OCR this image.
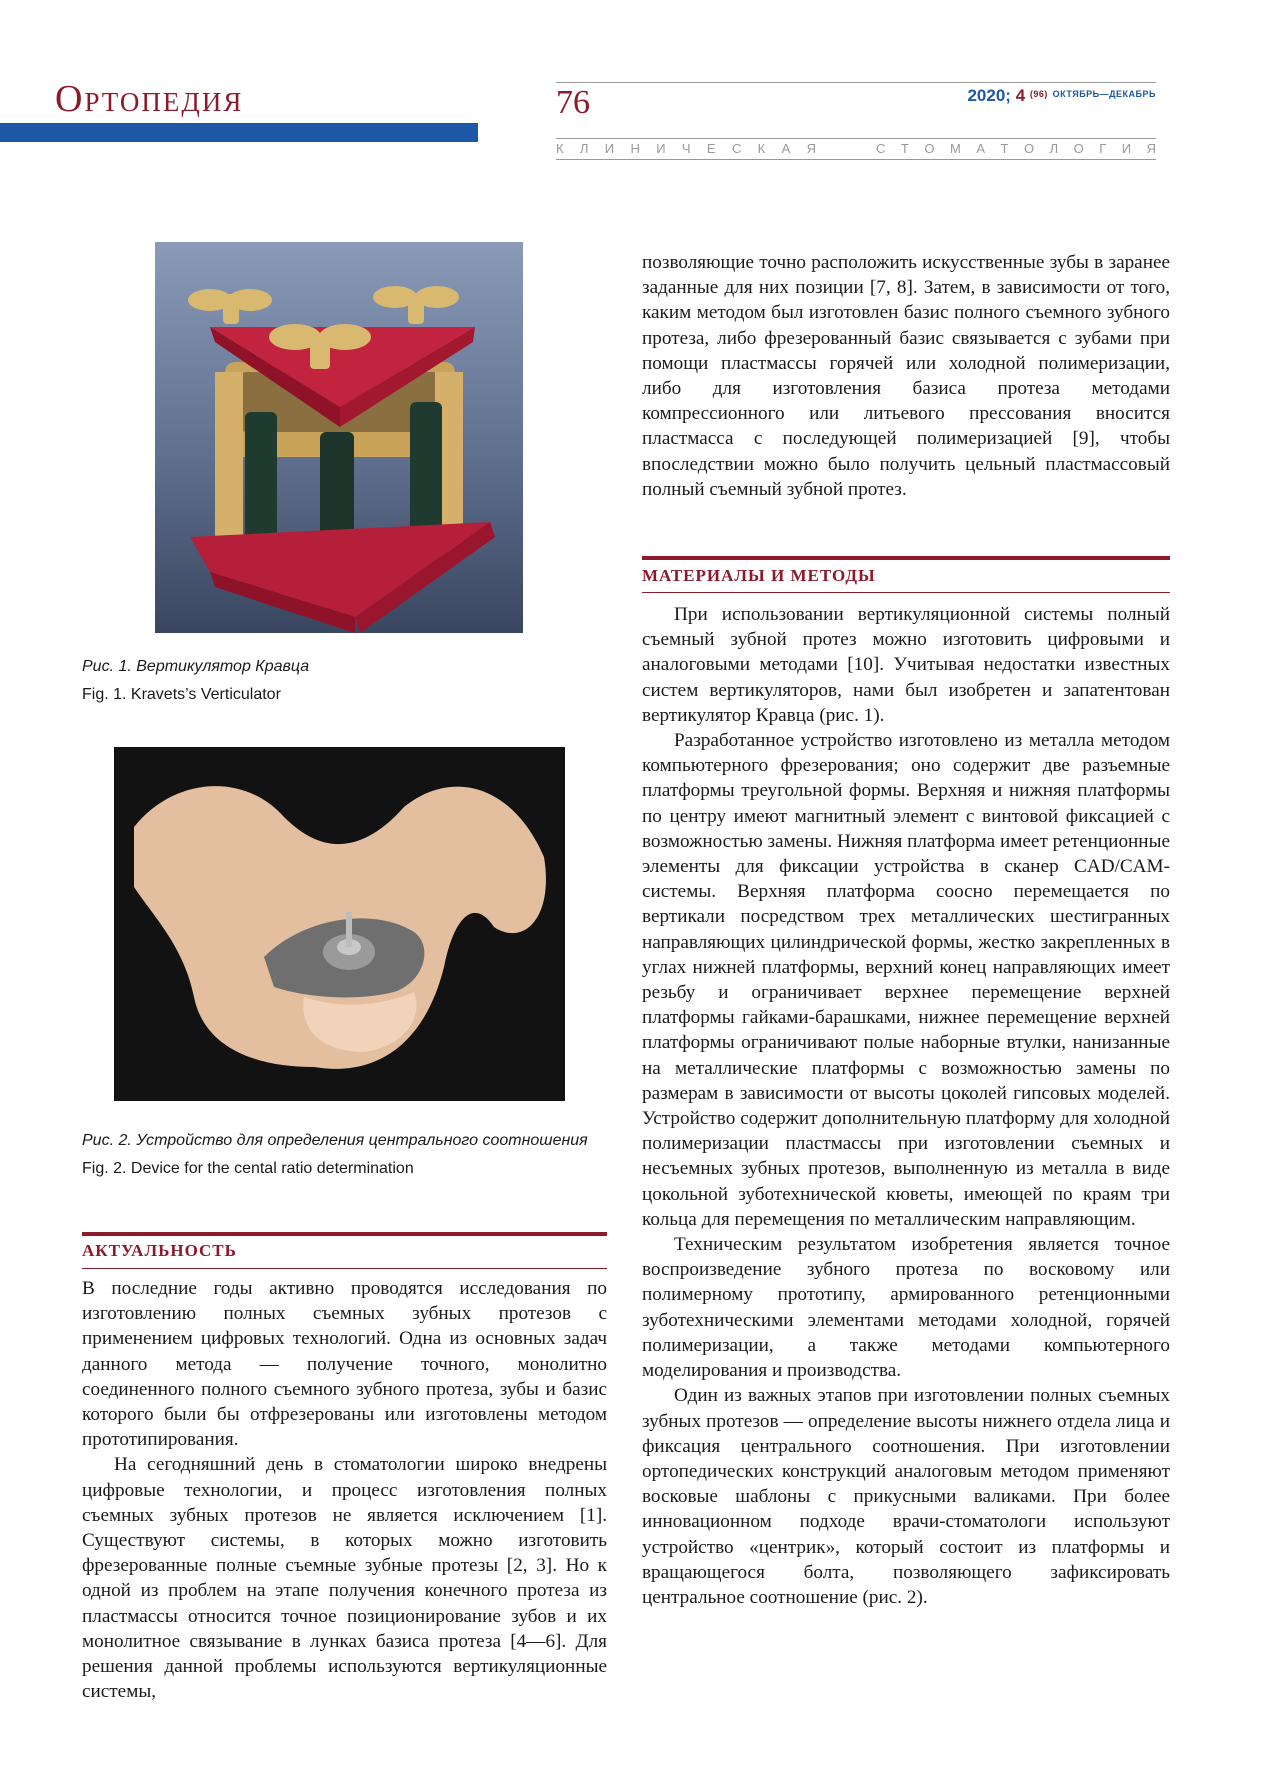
Ортопедия	76	2020; 4 $^{(96)}$ $^{ОКТЯБРЬ—ДЕКАБРЬ}$
К Л И Н И Ч Е С К А Я	С Т О М А Т О Л О Г И Я
Рис. 1. Вертикулятор Кравца
Fig. 1. Kravets’s Verticulator
Рис. 2. Устройство для определения центрального соотношения
Fig. 2. Device for the cental ratio determination
АКТУАЛЬНОСТЬ

В последние годы активно проводятся исследования по изготовлению полных съемных зубных протезов с применением цифровых технологий. Одна из основных задач данного метода — получение точного, монолитно соединенного полного съемного зубного протеза, зубы и базис которого были бы отфрезерованы или изготовлены методом прототипирования.

На сегодняшний день в стоматологии широко внедрены цифровые технологии, и процесс изготовления полных съемных зубных протезов не является исключением [1]. Существуют системы, в которых можно изготовить фрезерованные полные съемные зубные протезы [2, 3]. Но к одной из проблем на этапе получения конечного протеза из пластмассы относится точное позиционирование зубов и их монолитное связывание в лунках базиса протеза [4—6]. Для решения данной проблемы используются вертикуляционные системы,

позволяющие точно расположить искусственные зубы в заранее заданные для них позиции [7, 8]. Затем, в зависимости от того, каким методом был изготовлен базис полного съемного зубного протеза, либо фрезерованный базис связывается с зубами при помощи пластмассы горячей или холодной полимеризации, либо для изготовления базиса протеза методами компрессионного или литьевого прессования вносится пластмасса с последующей полимеризацией [9], чтобы впоследствии можно было получить цельный пластмассовый полный съемный зубной протез.

МАТЕРИАЛЫ И МЕТОДЫ

При использовании вертикуляционной системы полный съемный зубной протез можно изготовить цифровыми и аналоговыми методами [10]. Учитывая недостатки известных систем вертикуляторов, нами был изобретен и запатентован вертикулятор Кравца (рис. 1).

Разработанное устройство изготовлено из металла методом компьютерного фрезерования; оно содержит две разъемные платформы треугольной формы. Верхняя и нижняя платформы по центру имеют магнитный элемент с винтовой фиксацией с возможностью замены. Нижняя платформа имеет ретенционные элементы для фиксации устройства в сканер CAD/CAM-системы. Верхняя платформа соосно перемещается по вертикали посредством трех металлических шестигранных направляющих цилиндрической формы, жестко закрепленных в углах нижней платформы, верхний конец направляющих имеет резьбу и ограничивает верхнее перемещение верхней платформы гайками-барашками, нижнее перемещение верхней платформы ограничивают полые наборные втулки, нанизанные на металлические платформы с возможностью замены по размерам в зависимости от высоты цоколей гипсовых моделей. Устройство содержит дополнительную платформу для холодной полимеризации пластмассы при изготовлении съемных и несъемных зубных протезов, выполненную из металла в виде цокольной зуботехнической кюветы, имеющей по краям три кольца для перемещения по металлическим направляющим.

Техническим результатом изобретения является точное воспроизведение зубного протеза по восковому или полимерному прототипу, армированного ретенционными зуботехническими элементами методами холодной, горячей полимеризации, а также методами компьютерного моделирования и производства.

Один из важных этапов при изготовлении полных съемных зубных протезов — определение высоты нижнего отдела лица и фиксация центрального соотношения. При изготовлении ортопедических конструкций аналоговым методом применяют восковые шаблоны с прикусными валиками. При более инновационном подходе врачи-стоматологи используют устройство «центрик», который состоит из платформы и вращающегося болта, позволяющего зафиксировать центральное соотношение (рис. 2).
